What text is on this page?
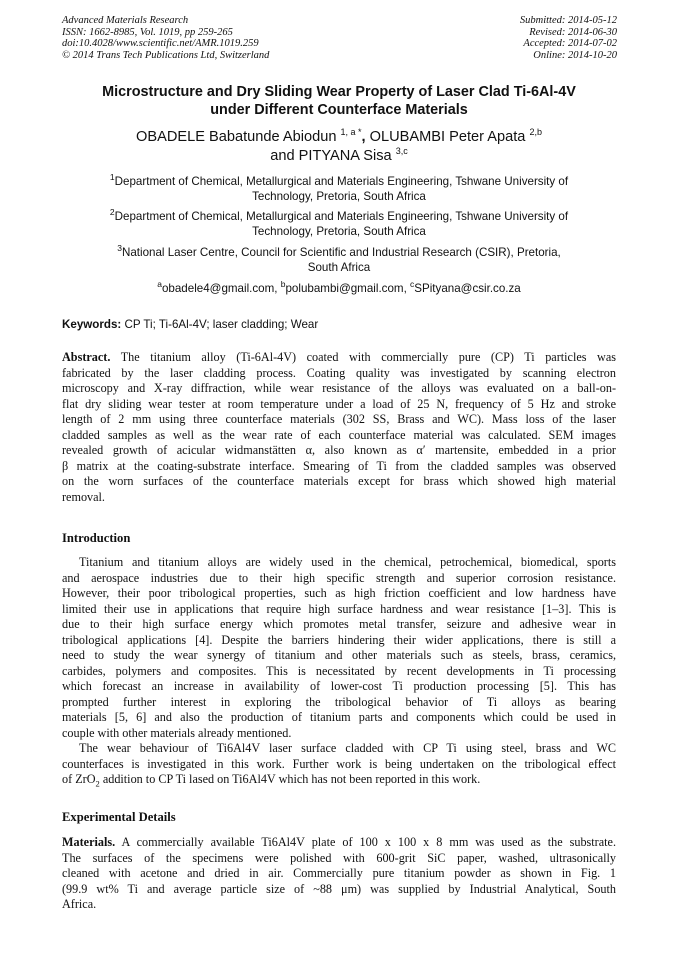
Advanced Materials Research
ISSN: 1662-8985, Vol. 1019, pp 259-265
doi:10.4028/www.scientific.net/AMR.1019.259
© 2014 Trans Tech Publications Ltd, Switzerland
Submitted: 2014-05-12
Revised: 2014-06-30
Accepted: 2014-07-02
Online: 2014-10-20
Microstructure and Dry Sliding Wear Property of Laser Clad Ti-6Al-4V
under Different Counterface Materials
OBADELE Babatunde Abiodun $^{1, a *}$, OLUBAMBI Peter Apata $^{2,b}$
and PITYANA Sisa $^{3,c}$
$^1$Department of Chemical, Metallurgical and Materials Engineering, Tshwane University of
Technology, Pretoria, South Africa
$^2$Department of Chemical, Metallurgical and Materials Engineering, Tshwane University of
Technology, Pretoria, South Africa
$^3$National Laser Centre, Council for Scientific and Industrial Research (CSIR), Pretoria,
South Africa
$^a$obadele4@gmail.com, $^b$polubambi@gmail.com, $^c$SPityana@csir.co.za
Keywords: CP Ti; Ti-6Al-4V; laser cladding; Wear
Abstract. The titanium alloy (Ti-6Al-4V) coated with commercially pure (CP) Ti particles was
fabricated by the laser cladding process. Coating quality was investigated by scanning electron
microscopy and X-ray diffraction, while wear resistance of the alloys was evaluated on a ball-on-
flat dry sliding wear tester at room temperature under a load of 25 N, frequency of 5 Hz and stroke
length of 2 mm using three counterface materials (302 SS, Brass and WC). Mass loss of the laser
cladded samples as well as the wear rate of each counterface material was calculated. SEM images
revealed growth of acicular widmanstätten α, also known as α′ martensite, embedded in a prior
β matrix at the coating-substrate interface. Smearing of Ti from the cladded samples was observed
on the worn surfaces of the counterface materials except for brass which showed high material
removal.
Introduction
Titanium and titanium alloys are widely used in the chemical, petrochemical, biomedical, sports
and aerospace industries due to their high specific strength and superior corrosion resistance.
However, their poor tribological properties, such as high friction coefficient and low hardness have
limited their use in applications that require high surface hardness and wear resistance [1–3]. This is
due to their high surface energy which promotes metal transfer, seizure and adhesive wear in
tribological applications [4]. Despite the barriers hindering their wider applications, there is still a
need to study the wear synergy of titanium and other materials such as steels, brass, ceramics,
carbides, polymers and composites. This is necessitated by recent developments in Ti processing
which forecast an increase in availability of lower-cost Ti production processing [5]. This has
prompted further interest in exploring the tribological behavior of Ti alloys as bearing
materials [5, 6] and also the production of titanium parts and components which could be used in
couple with other materials already mentioned.
The wear behaviour of Ti6Al4V laser surface cladded with CP Ti using steel, brass and WC
counterfaces is investigated in this work. Further work is being undertaken on the tribological effect
of ZrO$_2$ addition to CP Ti lased on Ti6Al4V which has not been reported in this work.
Experimental Details
Materials. A commercially available Ti6Al4V plate of 100 x 100 x 8 mm was used as the substrate.
The surfaces of the specimens were polished with 600-grit SiC paper, washed, ultrasonically
cleaned with acetone and dried in air. Commercially pure titanium powder as shown in Fig. 1
(99.9 wt% Ti and average particle size of ~88 μm) was supplied by Industrial Analytical, South
Africa.
